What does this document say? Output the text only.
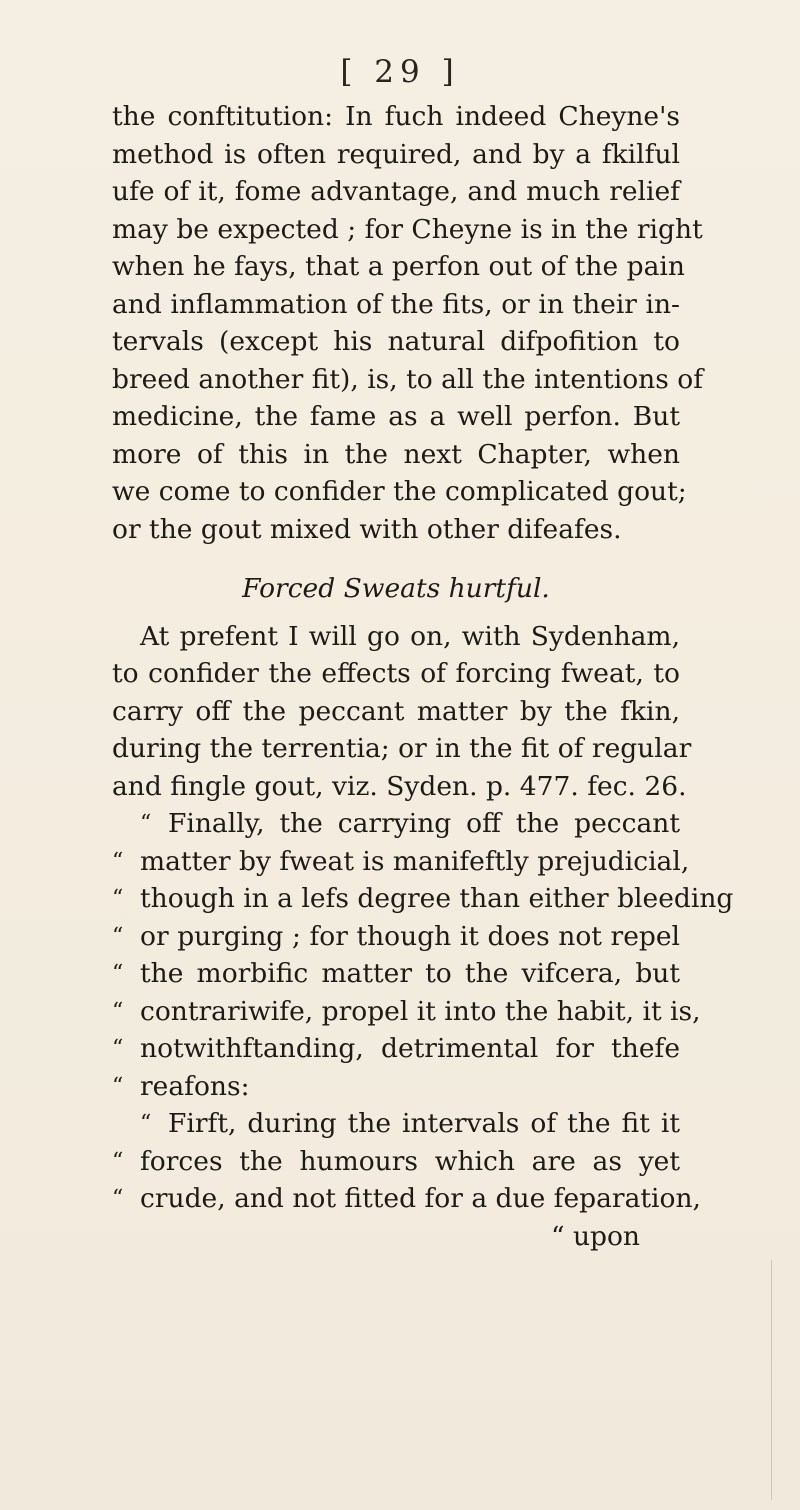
[ 29 ]
the conftitution: In fuch indeed Cheyne's
method is often required, and by a fkilful
ufe of it, fome advantage, and much relief
may be expected ; for Cheyne is in the right
when he fays, that a perfon out of the pain
and inflammation of the fits, or in their in-
tervals (except his natural difpofition to
breed another fit), is, to all the intentions of
medicine, the fame as a well perfon. But
more of this in the next Chapter, when
we come to confider the complicated gout;
or the gout mixed with other difeafes.
Forced Sweats hurtful.
At prefent I will go on, with Sydenham,
to confider the effects of forcing fweat, to
carry off the peccant matter by the fkin,
during the terrentia; or in the fit of regular
and fingle gout, viz. Syden. p. 477. fec. 26.
“ Finally, the carrying off the peccant
“ matter by fweat is manifeftly prejudicial,
“ though in a lefs degree than either bleeding
“ or purging ; for though it does not repel
“ the morbific matter to the vifcera, but
“ contrariwife, propel it into the habit, it is,
“ notwithftanding, detrimental for thefe
“ reafons:
“ Firft, during the intervals of the fit it
“ forces the humours which are as yet
“ crude, and not fitted for a due feparation,
“ upon
